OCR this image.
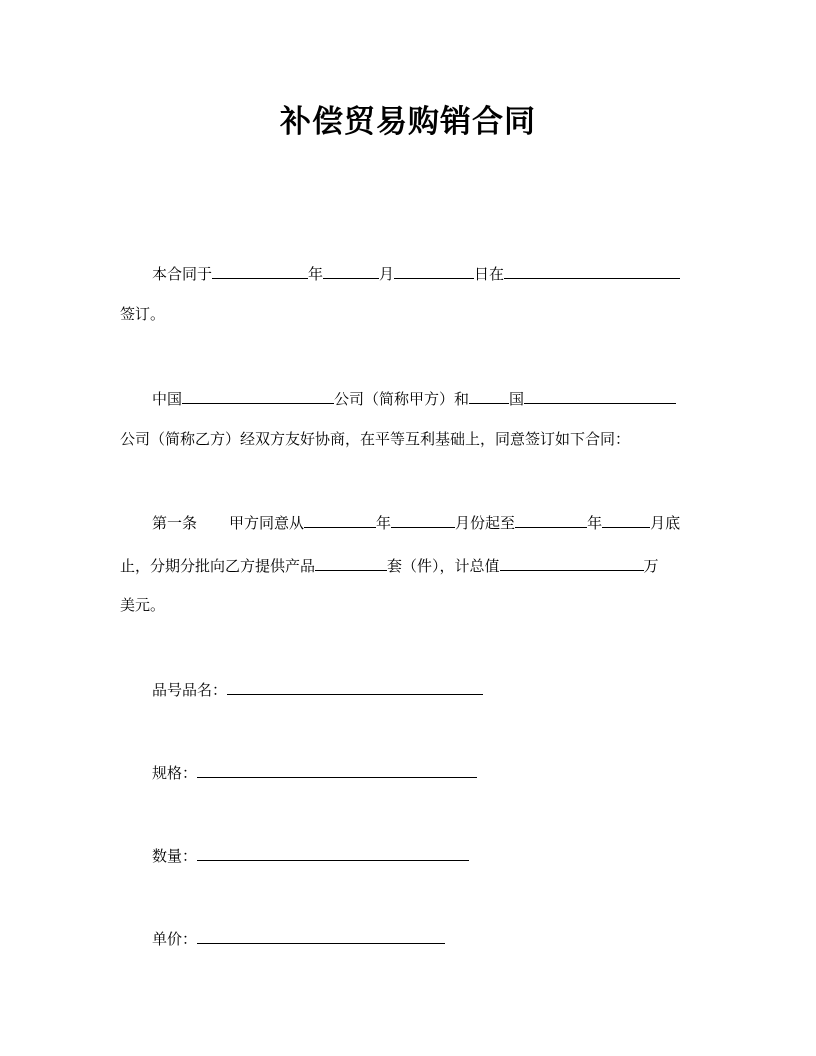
补偿贸易购销合同
本合同于	年	月	日在
签订。
中国	公司（简称甲方）和	国
公司（简称乙方）经双方友好协商，在平等互利基础上，同意签订如下合同：
第一条 甲方同意从	年	月份起至	年	月底
止，分期分批向乙方提供产品	套（件），计总值	万
美元。
品号品名：
规格：
数量：
单价：
